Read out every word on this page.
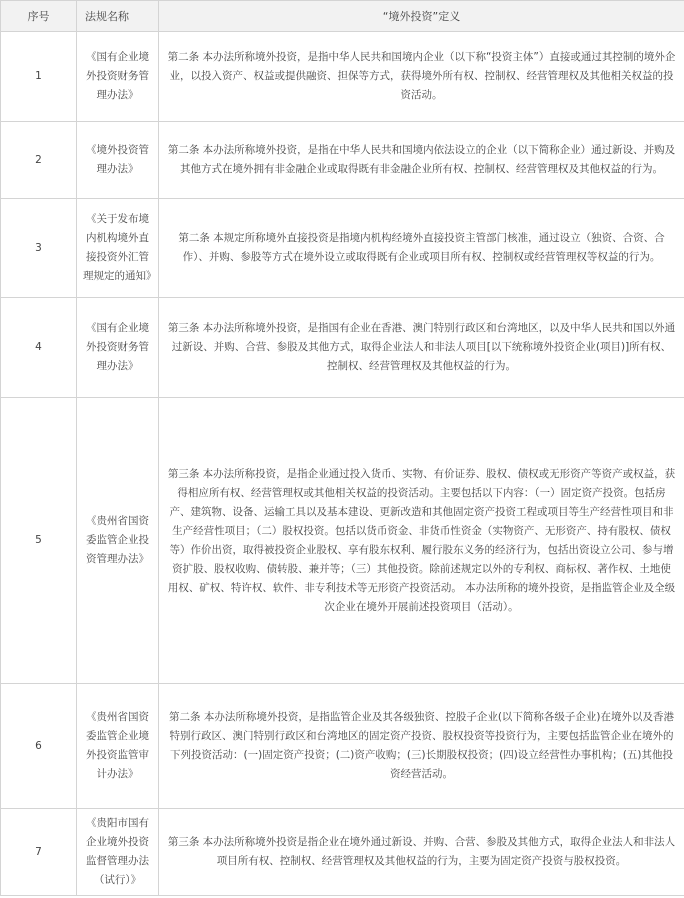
序号	法规名称	“境外投资”定义
1	《国有企业境外投资财务管理办法》	第二条 本办法所称境外投资，是指中华人民共和国境内企业（以下称“投资主体”）直接或通过其控制的境外企业，以投入资产、权益或提供融资、担保等方式，获得境外所有权、控制权、经营管理权及其他相关权益的投资活动。
2	《境外投资管理办法》	第二条 本办法所称境外投资，是指在中华人民共和国境内依法设立的企业（以下简称企业）通过新设、并购及其他方式在境外拥有非金融企业或取得既有非金融企业所有权、控制权、经营管理权及其他权益的行为。
3	《关于发布境内机构境外直接投资外汇管理规定的通知》	第二条 本规定所称境外直接投资是指境内机构经境外直接投资主管部门核准，通过设立（独资、合资、合作）、并购、参股等方式在境外设立或取得既有企业或项目所有权、控制权或经营管理权等权益的行为。
4	《国有企业境外投资财务管理办法》	第三条 本办法所称境外投资，是指国有企业在香港、澳门特别行政区和台湾地区，以及中华人民共和国以外通过新设、并购、合营、参股及其他方式，取得企业法人和非法人项目[以下统称境外投资企业(项目)]所有权、控制权、经营管理权及其他权益的行为。
5	《贵州省国资委监管企业投资管理办法》	第三条 本办法所称投资，是指企业通过投入货币、实物、有价证券、股权、债权或无形资产等资产或权益，获得相应所有权、经营管理权或其他相关权益的投资活动。主要包括以下内容：（一）固定资产投资。包括房产、建筑物、设备、运输工具以及基本建设、更新改造和其他固定资产投资工程或项目等生产经营性项目和非生产经营性项目；（二）股权投资。包括以货币资金、非货币性资金（实物资产、无形资产、持有股权、债权等）作价出资，取得被投资企业股权、享有股东权利、履行股东义务的经济行为，包括出资设立公司、参与增资扩股、股权收购、债转股、兼并等；（三）其他投资。除前述规定以外的专利权、商标权、著作权、土地使用权、矿权、特许权、软件、非专利技术等无形资产投资活动。 本办法所称的境外投资，是指监管企业及全级次企业在境外开展前述投资项目（活动）。
6	《贵州省国资委监管企业境外投资监管审计办法》	第二条 本办法所称境外投资，是指监管企业及其各级独资、控股子企业(以下简称各级子企业)在境外以及香港特别行政区、澳门特别行政区和台湾地区的固定资产投资、股权投资等投资行为，主要包括监管企业在境外的下列投资活动：(一)固定资产投资；(二)资产收购；(三)长期股权投资；(四)设立经营性办事机构；(五)其他投资经营活动。
7	《贵阳市国有企业境外投资监督管理办法（试行）》	第三条 本办法所称境外投资是指企业在境外通过新设、并购、合营、参股及其他方式，取得企业法人和非法人项目所有权、控制权、经营管理权及其他权益的行为，主要为固定资产投资与股权投资。
